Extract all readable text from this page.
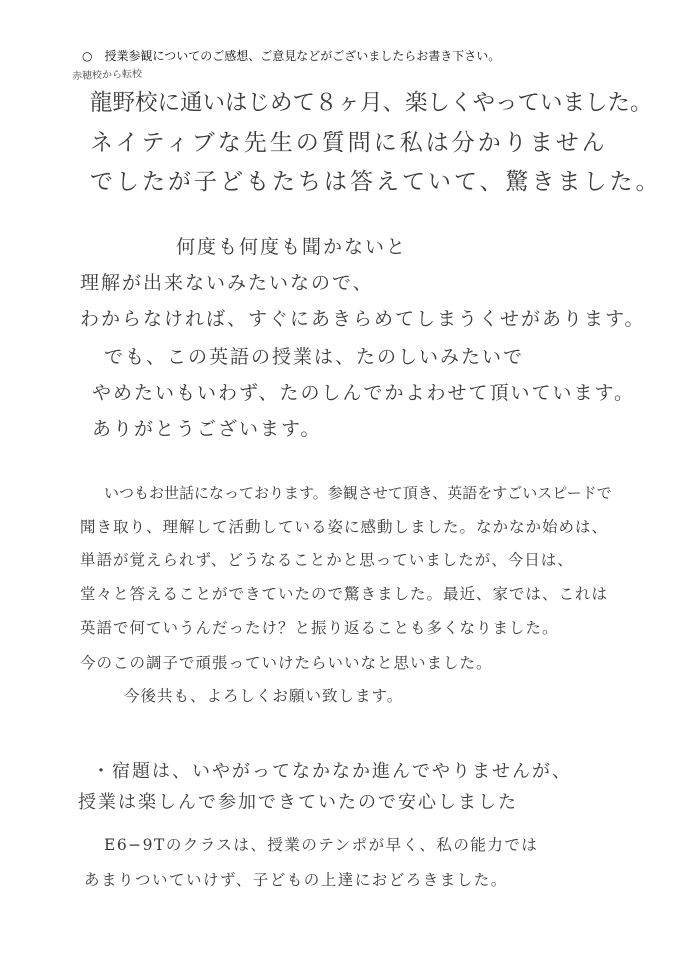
○　授業参観についてのご感想、ご意見などがございましたらお書き下さい。
赤穂校から転校
龍野校に通いはじめて８ヶ月、楽しくやっていました。
ネイティブな先生の質問に私は分かりません
でしたが子どもたちは答えていて、驚きました。
何度も何度も聞かないと
理解が出来ないみたいなので、
わからなければ、すぐにあきらめてしまうくせがあります。
でも、この英語の授業は、たのしいみたいで
やめたいもいわず、たのしんでかよわせて頂いています。
ありがとうございます。
いつもお世話になっております。参観させて頂き、英語をすごいスピードで
聞き取り、理解して活動している姿に感動しました。なかなか始めは、
単語が覚えられず、どうなることかと思っていましたが、今日は、
堂々と答えることができていたので驚きました。最近、家では、これは
英語で何ていうんだったけ？と振り返ることも多くなりました。
今のこの調子で頑張っていけたらいいなと思いました。
今後共も、よろしくお願い致します。
・宿題は、いやがってなかなか進んでやりませんが、
授業は楽しんで参加できていたので安心しました
E6−9Tのクラスは、授業のテンポが早く、私の能力では
あまりついていけず、子どもの上達におどろきました。
